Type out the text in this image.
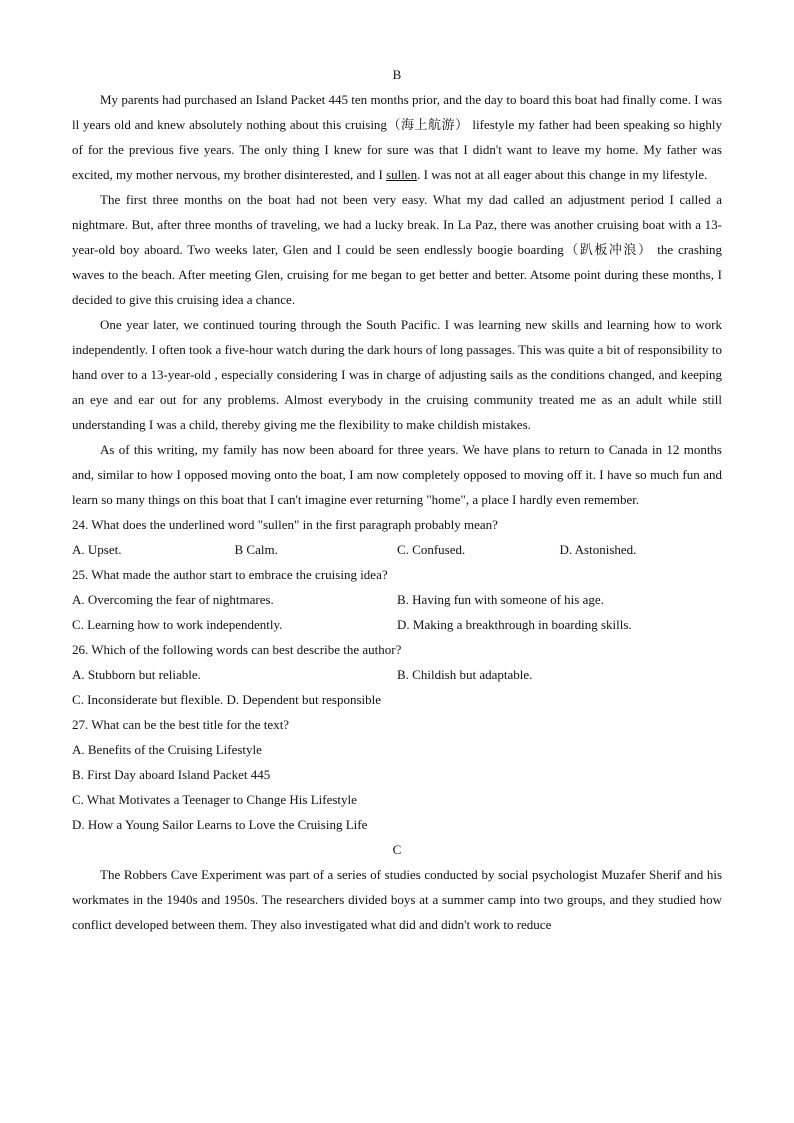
B

My parents had purchased an Island Packet 445 ten months prior, and the day to board this boat had finally come. I was ll years old and knew absolutely nothing about this cruising（海上航游） lifestyle my father had been speaking so highly of for the previous five years. The only thing I knew for sure was that I didn't want to leave my home. My father was excited, my mother nervous, my brother disinterested, and I sullen. I was not at all eager about this change in my lifestyle.

The first three months on the boat had not been very easy. What my dad called an adjustment period I called a nightmare. But, after three months of traveling, we had a lucky break. In La Paz, there was another cruising boat with a 13-year-old boy aboard. Two weeks later, Glen and I could be seen endlessly boogie boarding（趴板冲浪） the crashing waves to the beach. After meeting Glen, cruising for me began to get better and better. Atsome point during these months, I decided to give this cruising idea a chance.

One year later, we continued touring through the South Pacific. I was learning new skills and learning how to work independently. I often took a five-hour watch during the dark hours of long passages. This was quite a bit of responsibility to hand over to a 13-year-old , especially considering I was in charge of adjusting sails as the conditions changed, and keeping an eye and ear out for any problems. Almost everybody in the cruising community treated me as an adult while still understanding I was a child, thereby giving me the flexibility to make childish mistakes.

As of this writing, my family has now been aboard for three years. We have plans to return to Canada in 12 months and, similar to how I opposed moving onto the boat, I am now completely opposed to moving off it. I have so much fun and learn so many things on this boat that I can't imagine ever returning "home", a place I hardly even remember.

24. What does the underlined word "sullen" in the first paragraph probably mean?

A. Upset.	B Calm.	C. Confused.	D. Astonished.

25. What made the author start to embrace the cruising idea?

A. Overcoming the fear of nightmares.	B. Having fun with someone of his age.
C. Learning how to work independently.	D. Making a breakthrough in boarding skills.

26. Which of the following words can best describe the author?

A. Stubborn but reliable.	B. Childish but adaptable.

C. Inconsiderate but flexible. D. Dependent but responsible

27. What can be the best title for the text?

A. Benefits of the Cruising Lifestyle

B. First Day aboard Island Packet 445

C. What Motivates a Teenager to Change His Lifestyle

D. How a Young Sailor Learns to Love the Cruising Life

C

The Robbers Cave Experiment was part of a series of studies conducted by social psychologist Muzafer Sherif and his workmates in the 1940s and 1950s. The researchers divided boys at a summer camp into two groups, and they studied how conflict developed between them. They also investigated what did and didn't work to reduce
